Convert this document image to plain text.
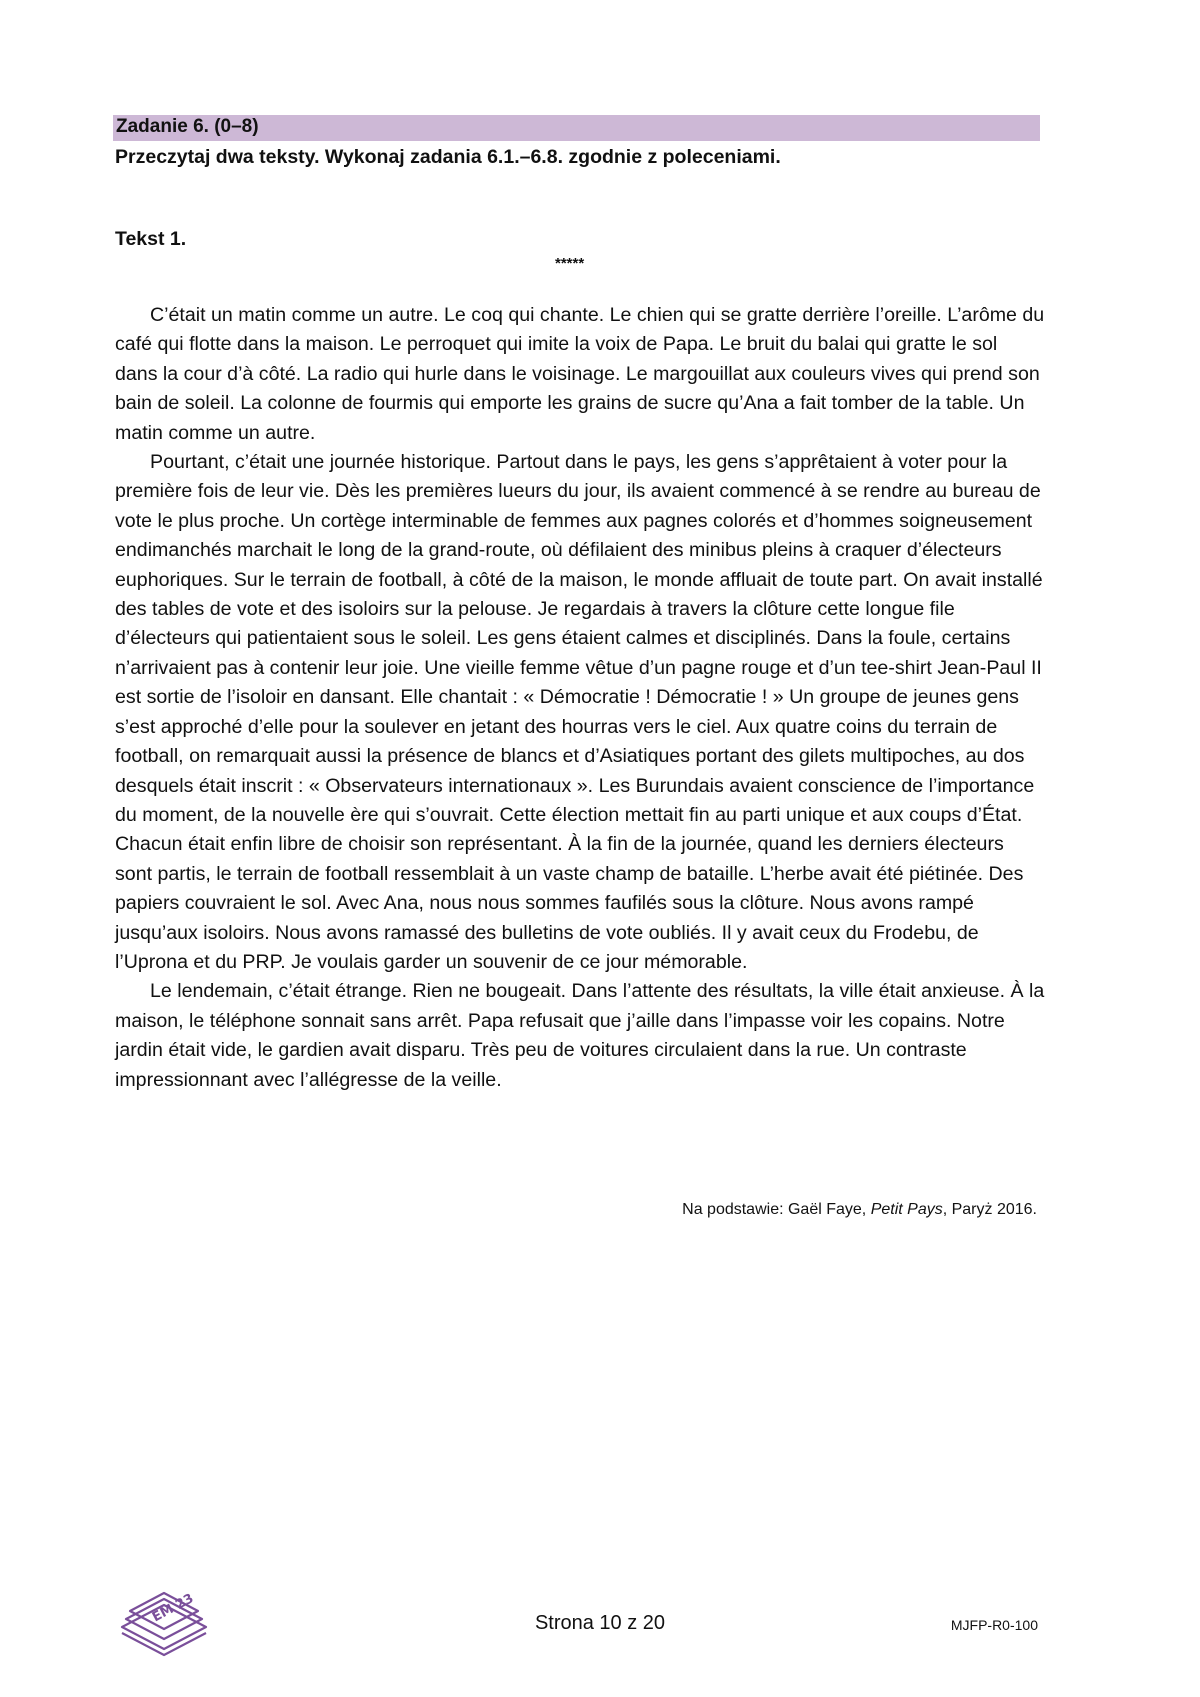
Zadanie 6. (0–8)
Przeczytaj dwa teksty. Wykonaj zadania 6.1.–6.8. zgodnie z poleceniami.
Tekst 1.
*****

C’était un matin comme un autre. Le coq qui chante. Le chien qui se gratte derrière l’oreille. L’arôme du café qui flotte dans la maison. Le perroquet qui imite la voix de Papa. Le bruit du balai qui gratte le sol dans la cour d’à côté. La radio qui hurle dans le voisinage. Le margouillat aux couleurs vives qui prend son bain de soleil. La colonne de fourmis qui emporte les grains de sucre qu’Ana a fait tomber de la table. Un matin comme un autre.

Pourtant, c’était une journée historique. Partout dans le pays, les gens s’apprêtaient à voter pour la première fois de leur vie. Dès les premières lueurs du jour, ils avaient commencé à se rendre au bureau de vote le plus proche. Un cortège interminable de femmes aux pagnes colorés et d’hommes soigneusement endimanchés marchait le long de la grand-route, où défilaient des minibus pleins à craquer d’électeurs euphoriques. Sur le terrain de football, à côté de la maison, le monde affluait de toute part. On avait installé des tables de vote et des isoloirs sur la pelouse. Je regardais à travers la clôture cette longue file d’électeurs qui patientaient sous le soleil. Les gens étaient calmes et disciplinés. Dans la foule, certains n’arrivaient pas à contenir leur joie. Une vieille femme vêtue d’un pagne rouge et d’un tee-shirt Jean-Paul II est sortie de l’isoloir en dansant. Elle chantait : « Démocratie ! Démocratie ! » Un groupe de jeunes gens s’est approché d’elle pour la soulever en jetant des hourras vers le ciel. Aux quatre coins du terrain de football, on remarquait aussi la présence de blancs et d’Asiatiques portant des gilets multipoches, au dos desquels était inscrit : « Observateurs internationaux ». Les Burundais avaient conscience de l’importance du moment, de la nouvelle ère qui s’ouvrait. Cette élection mettait fin au parti unique et aux coups d’État. Chacun était enfin libre de choisir son représentant. À la fin de la journée, quand les derniers électeurs sont partis, le terrain de football ressemblait à un vaste champ de bataille. L’herbe avait été piétinée. Des papiers couvraient le sol. Avec Ana, nous nous sommes faufilés sous la clôture. Nous avons rampé jusqu’aux isoloirs. Nous avons ramassé des bulletins de vote oubliés. Il y avait ceux du Frodebu, de l’Uprona et du PRP. Je voulais garder un souvenir de ce jour mémorable.

Le lendemain, c’était étrange. Rien ne bougeait. Dans l’attente des résultats, la ville était anxieuse. À la maison, le téléphone sonnait sans arrêt. Papa refusait que j’aille dans l’impasse voir les copains. Notre jardin était vide, le gardien avait disparu. Très peu de voitures circulaient dans la rue. Un contraste impressionnant avec l’allégresse de la veille.

Na podstawie: Gaël Faye, Petit Pays, Paryż 2016.
EM 23	Strona 10 z 20	MJFP-R0-100
